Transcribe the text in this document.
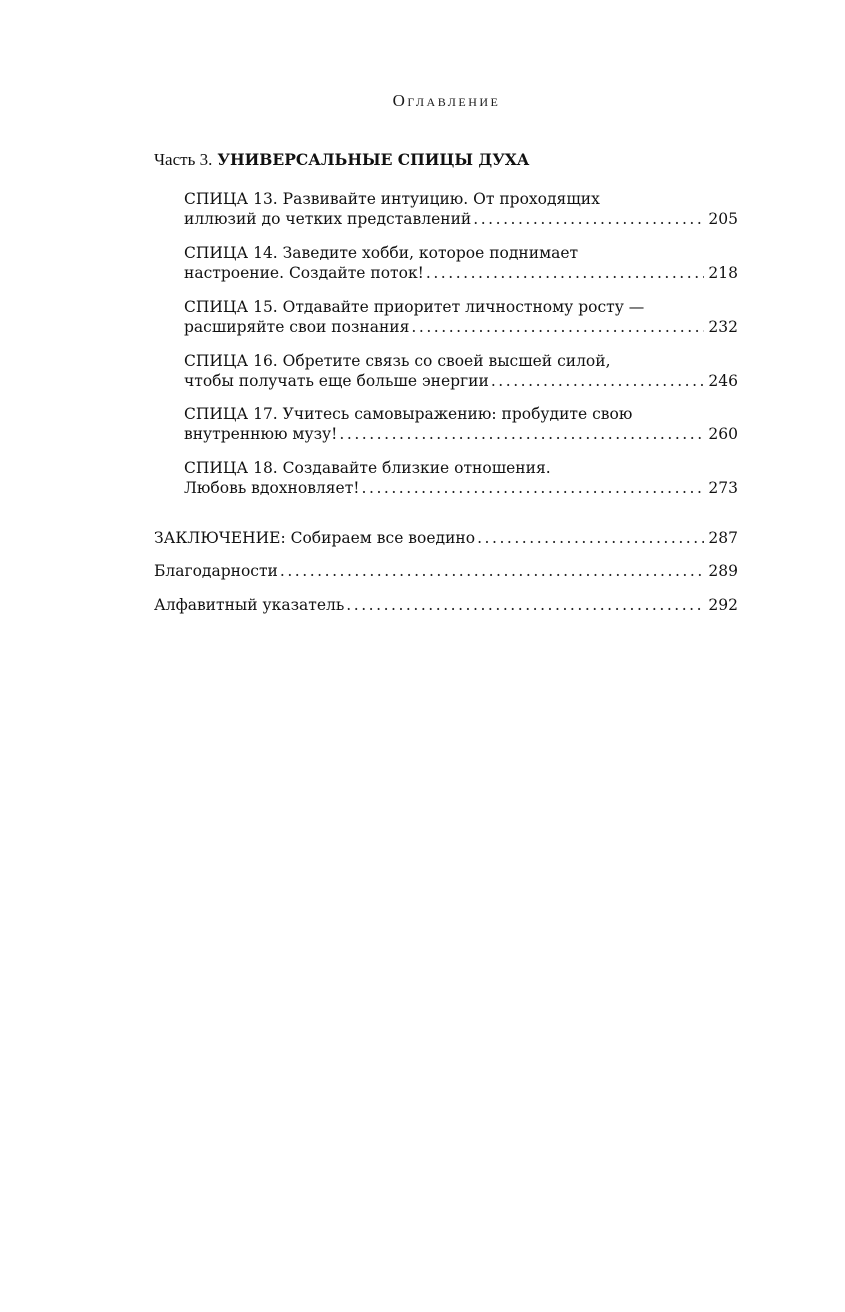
Оглавление
Часть 3. УНИВЕРСАЛЬНЫЕ СПИЦЫ ДУХА
СПИЦА 13. Развивайте интуицию. От проходящих
иллюзий до четких представлений . . .	205
СПИЦА 14. Заведите хобби, которое поднимает
настроение. Создайте поток! . . .	218
СПИЦА 15. Отдавайте приоритет личностному росту —
расширяйте свои познания . . .	232
СПИЦА 16. Обретите связь со своей высшей силой,
чтобы получать еще больше энергии . . .	246
СПИЦА 17. Учитесь самовыражению: пробудите свою
внутреннюю музу! . . .	260
СПИЦА 18. Создавайте близкие отношения.
Любовь вдохновляет! . . .	273
ЗАКЛЮЧЕНИЕ: Собираем все воедино . . .	287
Благодарности . . .	289
Алфавитный указатель . . .	292
